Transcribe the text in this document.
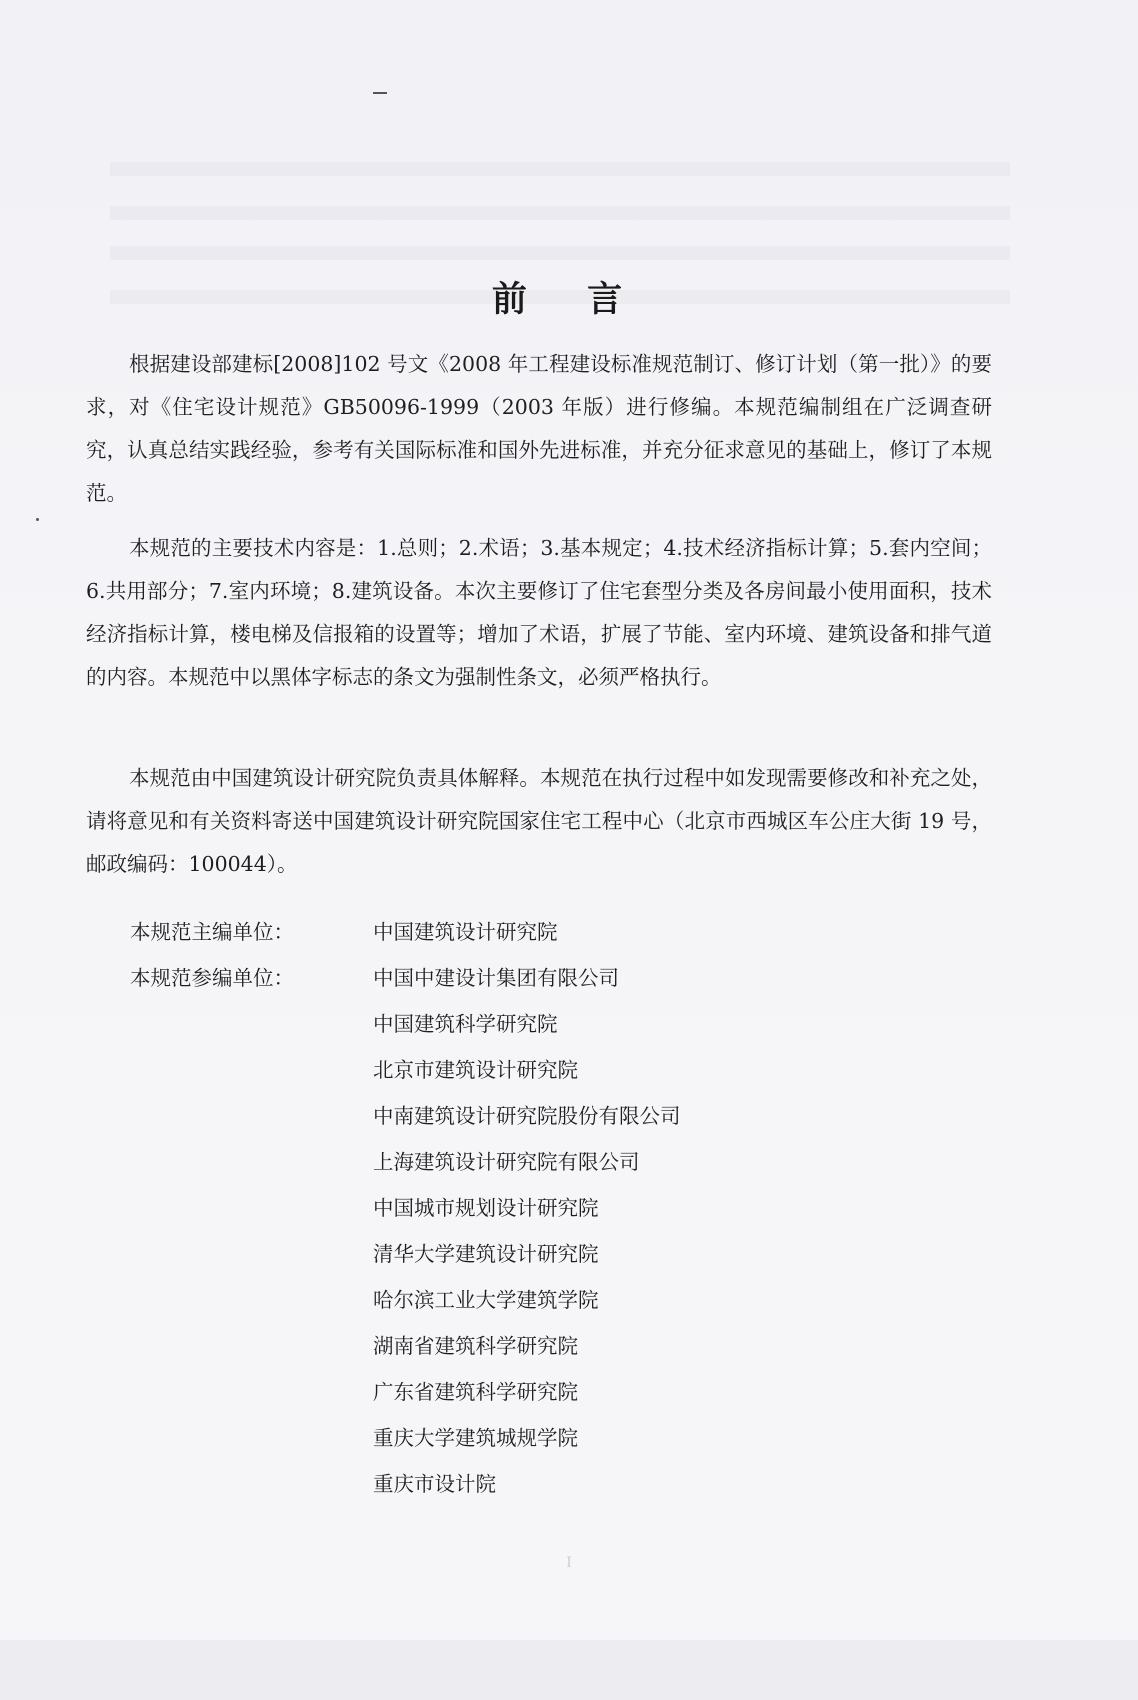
前 言
根据建设部建标[2008]102 号文《2008 年工程建设标准规范制订、修订计划（第一批）》的要求，对《住宅设计规范》GB50096-1999（2003 年版）进行修编。本规范编制组在广泛调查研究，认真总结实践经验，参考有关国际标准和国外先进标准，并充分征求意见的基础上，修订了本规范。
本规范的主要技术内容是：1.总则；2.术语；3.基本规定；4.技术经济指标计算；5.套内空间；6.共用部分；7.室内环境；8.建筑设备。本次主要修订了住宅套型分类及各房间最小使用面积，技术经济指标计算，楼电梯及信报箱的设置等；增加了术语，扩展了节能、室内环境、建筑设备和排气道的内容。本规范中以黑体字标志的条文为强制性条文，必须严格执行。
本规范由中国建筑设计研究院负责具体解释。本规范在执行过程中如发现需要修改和补充之处，请将意见和有关资料寄送中国建筑设计研究院国家住宅工程中心（北京市西城区车公庄大街 19 号，邮政编码：100044）。
本规范主编单位：	中国建筑设计研究院
本规范参编单位：	中国中建设计集团有限公司
中国建筑科学研究院
北京市建筑设计研究院
中南建筑设计研究院股份有限公司
上海建筑设计研究院有限公司
中国城市规划设计研究院
清华大学建筑设计研究院
哈尔滨工业大学建筑学院
湖南省建筑科学研究院
广东省建筑科学研究院
重庆大学建筑城规学院
重庆市设计院
I
